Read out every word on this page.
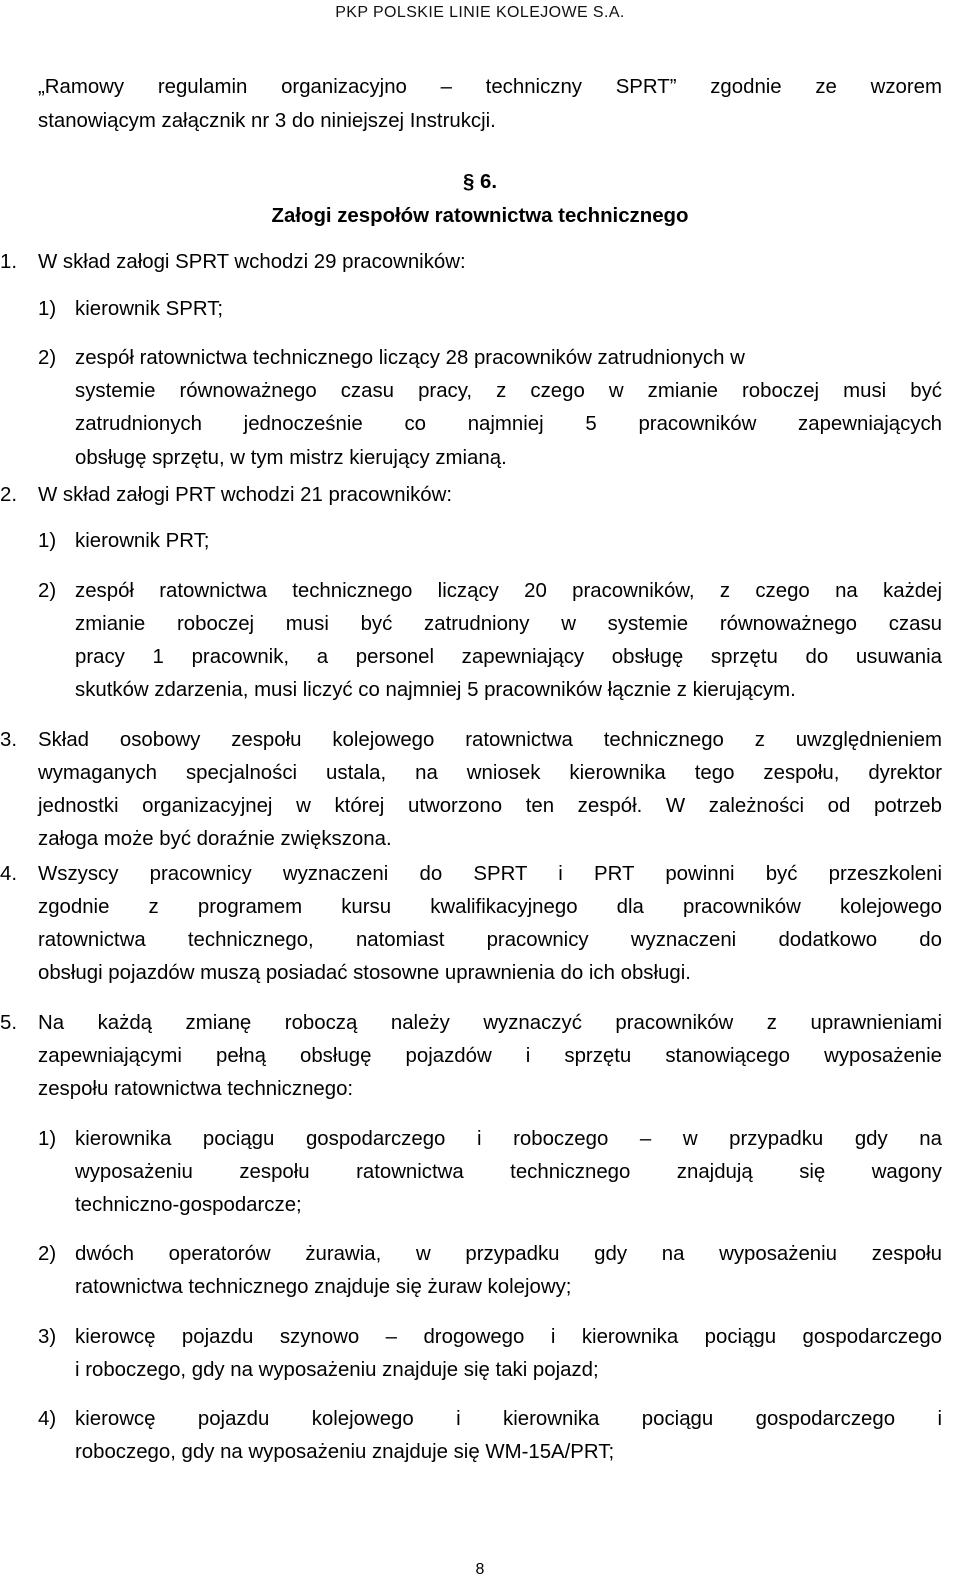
PKP POLSKIE LINIE KOLEJOWE S.A.
„Ramowy regulamin organizacyjno – techniczny SPRT” zgodnie ze wzorem
stanowiącym załącznik nr 3 do niniejszej Instrukcji.
§ 6.
Załogi zespołów ratownictwa technicznego
1. W skład załogi SPRT wchodzi 29 pracowników:
1) kierownik SPRT;
2) zespół ratownictwa technicznego liczący 28 pracowników zatrudnionych w
systemie równoważnego czasu pracy, z czego w zmianie roboczej musi być
zatrudnionych jednocześnie co najmniej 5 pracowników zapewniających
obsługę sprzętu, w tym mistrz kierujący zmianą.
2. W skład załogi PRT wchodzi 21 pracowników:
1) kierownik PRT;
2) zespół ratownictwa technicznego liczący 20 pracowników, z czego na każdej
zmianie roboczej musi być zatrudniony w systemie równoważnego czasu
pracy 1 pracownik, a personel zapewniający obsługę sprzętu do usuwania
skutków zdarzenia, musi liczyć co najmniej 5 pracowników łącznie z kierującym.
3. Skład osobowy zespołu kolejowego ratownictwa technicznego z uwzględnieniem
wymaganych specjalności ustala, na wniosek kierownika tego zespołu, dyrektor
jednostki organizacyjnej w której utworzono ten zespół. W zależności od potrzeb
załoga może być doraźnie zwiększona.
4. Wszyscy pracownicy wyznaczeni do SPRT i PRT powinni być przeszkoleni
zgodnie z programem kursu kwalifikacyjnego dla pracowników kolejowego
ratownictwa technicznego, natomiast pracownicy wyznaczeni dodatkowo do
obsługi pojazdów muszą posiadać stosowne uprawnienia do ich obsługi.
5. Na każdą zmianę roboczą należy wyznaczyć pracowników z uprawnieniami
zapewniającymi pełną obsługę pojazdów i sprzętu stanowiącego wyposażenie
zespołu ratownictwa technicznego:
1) kierownika pociągu gospodarczego i roboczego – w przypadku gdy na
wyposażeniu zespołu ratownictwa technicznego znajdują się wagony
techniczno-gospodarcze;
2) dwóch operatorów żurawia, w przypadku gdy na wyposażeniu zespołu
ratownictwa technicznego znajduje się żuraw kolejowy;
3) kierowcę pojazdu szynowo – drogowego i kierownika pociągu gospodarczego
i roboczego, gdy na wyposażeniu znajduje się taki pojazd;
4) kierowcę pojazdu kolejowego i kierownika pociągu gospodarczego i
roboczego, gdy na wyposażeniu znajduje się WM-15A/PRT;
8
